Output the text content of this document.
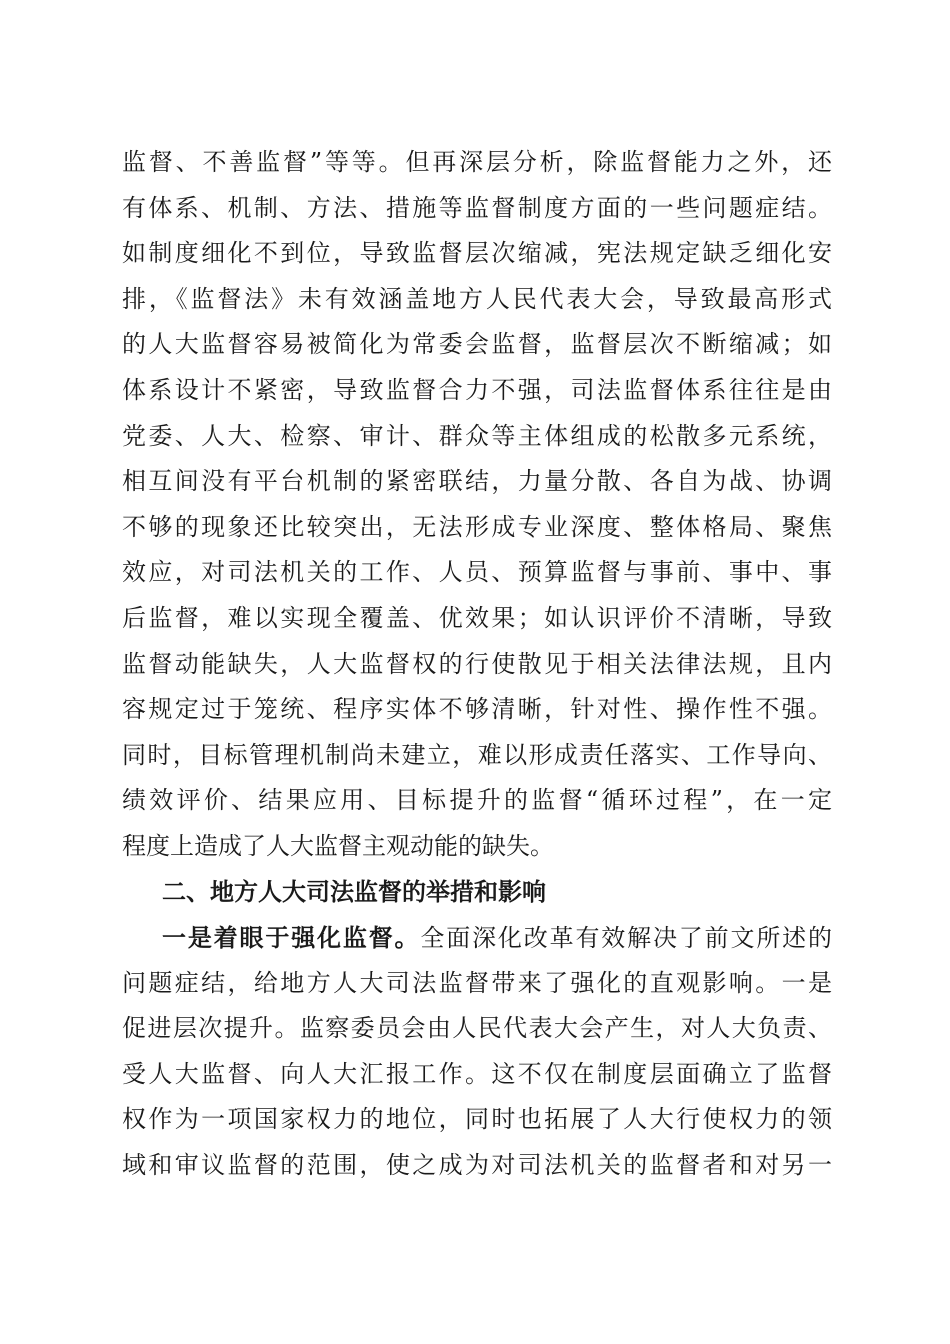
监督、不善监督”等等。但再深层分析，除监督能力之外，还
有体系、机制、方法、措施等监督制度方面的一些问题症结。
如制度细化不到位，导致监督层次缩减，宪法规定缺乏细化安
排，《监督法》未有效涵盖地方人民代表大会，导致最高形式
的人大监督容易被简化为常委会监督，监督层次不断缩减；如
体系设计不紧密，导致监督合力不强，司法监督体系往往是由
党委、人大、检察、审计、群众等主体组成的松散多元系统，
相互间没有平台机制的紧密联结，力量分散、各自为战、协调
不够的现象还比较突出，无法形成专业深度、整体格局、聚焦
效应，对司法机关的工作、人员、预算监督与事前、事中、事
后监督，难以实现全覆盖、优效果；如认识评价不清晰，导致
监督动能缺失，人大监督权的行使散见于相关法律法规，且内
容规定过于笼统、程序实体不够清晰，针对性、操作性不强。
同时，目标管理机制尚未建立，难以形成责任落实、工作导向、
绩效评价、结果应用、目标提升的监督“循环过程”，在一定
程度上造成了人大监督主观动能的缺失。
二、地方人大司法监督的举措和影响
一是着眼于强化监督。全面深化改革有效解决了前文所述的
问题症结，给地方人大司法监督带来了强化的直观影响。一是
促进层次提升。监察委员会由人民代表大会产生，对人大负责、
受人大监督、向人大汇报工作。这不仅在制度层面确立了监督
权作为一项国家权力的地位，同时也拓展了人大行使权力的领
域和审议监督的范围，使之成为对司法机关的监督者和对另一
